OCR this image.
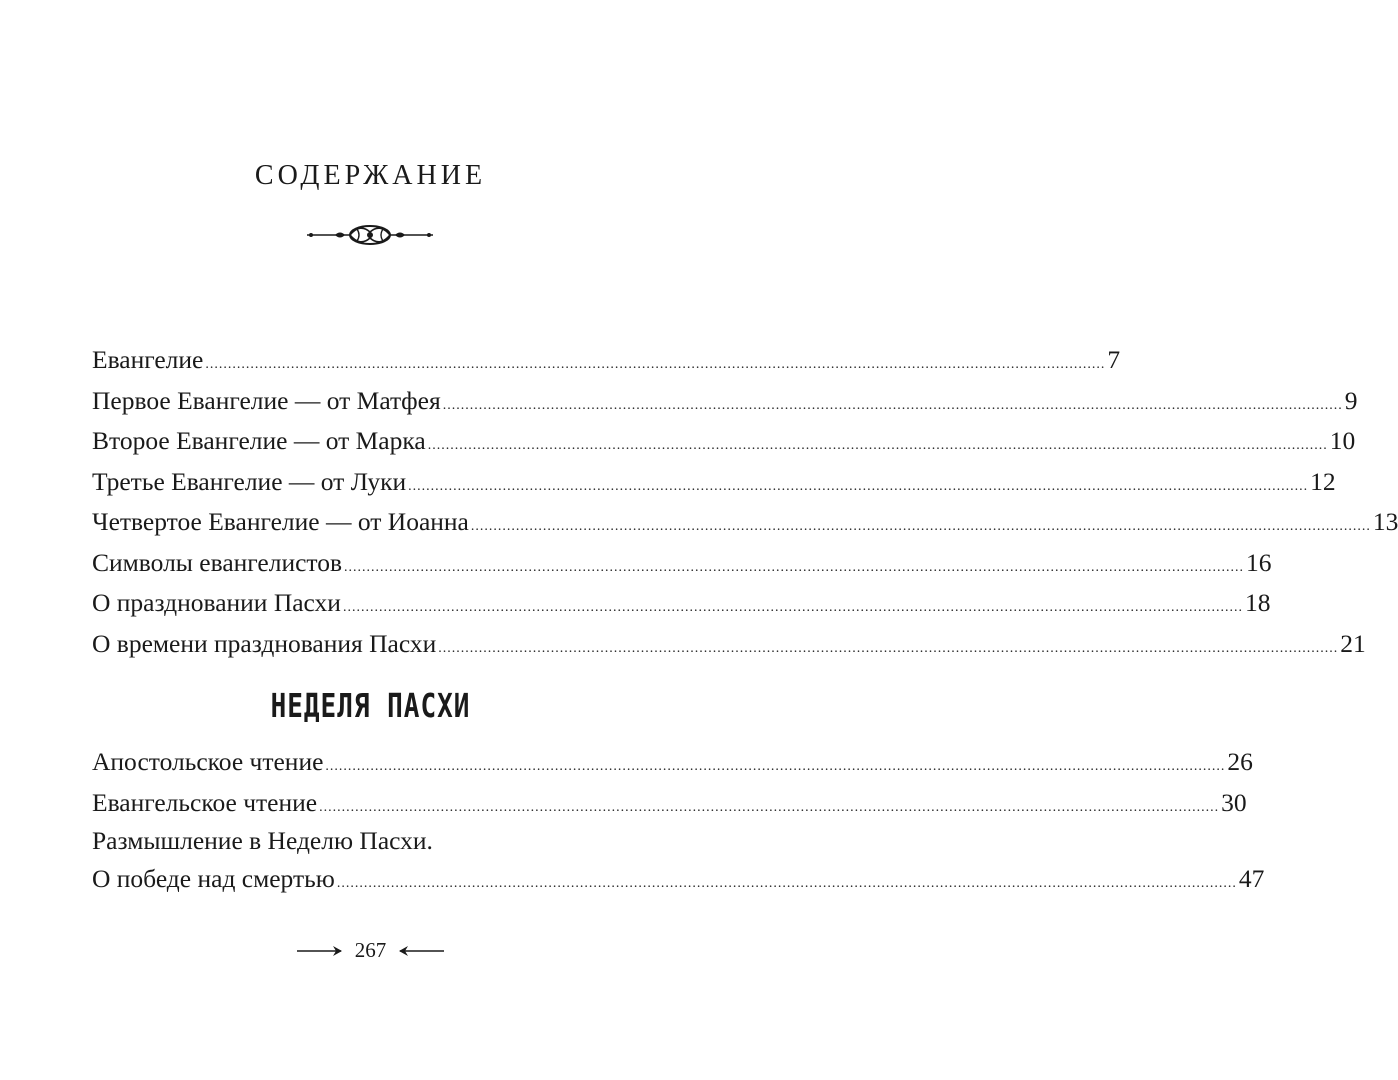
СОДЕРЖАНИЕ
Евангелие ........................................................................................................................................................................................................ 7
Первое Евангелие — от Матфея ........................................................................................................................................................................................................ 9
Второе Евангелие — от Марка ........................................................................................................................................................................................................ 10
Третье Евангелие — от Луки ........................................................................................................................................................................................................ 12
Четвертое Евангелие — от Иоанна ........................................................................................................................................................................................................ 13
Символы евангелистов ........................................................................................................................................................................................................ 16
О праздновании Пасхи ........................................................................................................................................................................................................ 18
О времени празднования Пасхи ........................................................................................................................................................................................................ 21
НЕДЕЛЯ ПАСХИ
Апостольское чтение ........................................................................................................................................................................................................ 26
Евангельское чтение ........................................................................................................................................................................................................ 30
Размышление в Неделю Пасхи.
О победе над смертью ........................................................................................................................................................................................................ 47
267
